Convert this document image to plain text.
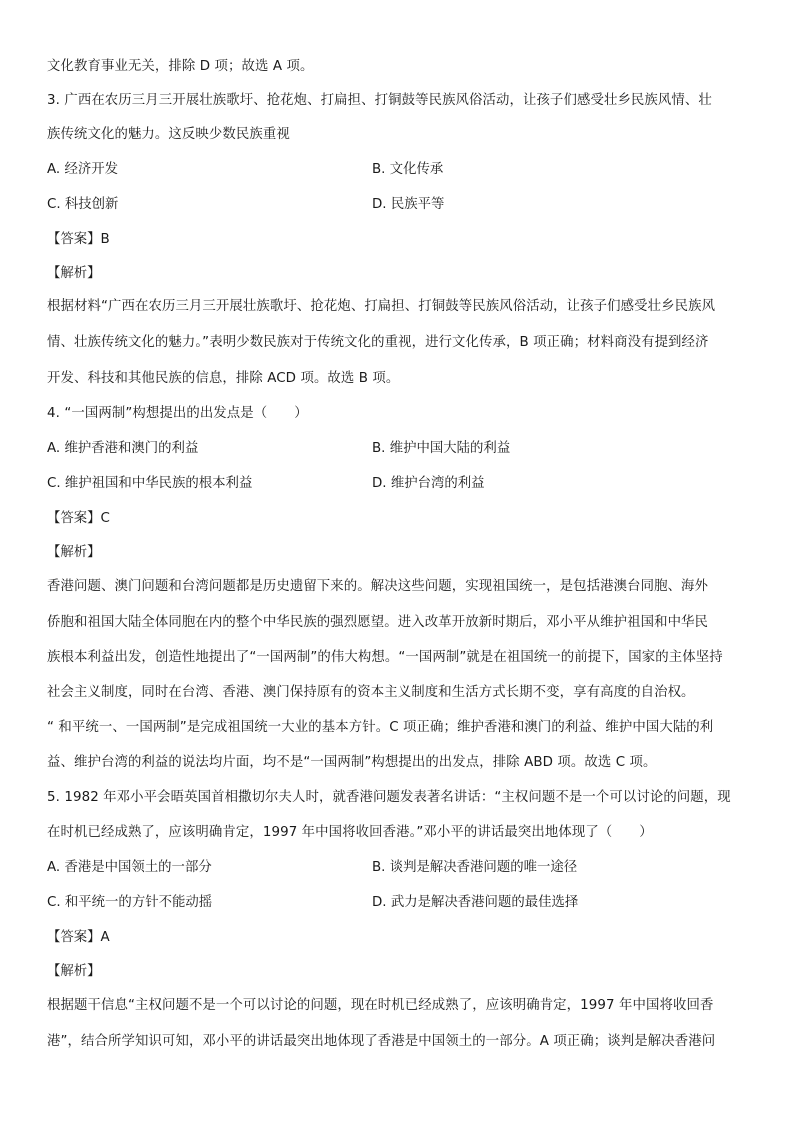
文化教育事业无关，排除 D 项；故选 A 项。
3. 广西在农历三月三开展壮族歌圩、抢花炮、打扁担、打铜鼓等民族风俗活动，让孩子们感受壮乡民族风情、壮
族传统文化的魅力。这反映少数民族重视
A. 经济开发	B. 文化传承
C. 科技创新	D. 民族平等
【答案】B
【解析】
根据材料“广西在农历三月三开展壮族歌圩、抢花炮、打扁担、打铜鼓等民族风俗活动，让孩子们感受壮乡民族风
情、壮族传统文化的魅力。”表明少数民族对于传统文化的重视，进行文化传承，B 项正确；材料商没有提到经济
开发、科技和其他民族的信息，排除 ACD 项。故选 B 项。
4. “一国两制”构想提出的出发点是（　　）
A. 维护香港和澳门的利益	B. 维护中国大陆的利益
C. 维护祖国和中华民族的根本利益	D. 维护台湾的利益
【答案】C
【解析】
香港问题、澳门问题和台湾问题都是历史遗留下来的。解决这些问题，实现祖国统一，是包括港澳台同胞、海外
侨胞和祖国大陆全体同胞在内的整个中华民族的强烈愿望。进入改革开放新时期后，邓小平从维护祖国和中华民
族根本利益出发，创造性地提出了“一国两制”的伟大构想。“一国两制”就是在祖国统一的前提下，国家的主体坚持
社会主义制度，同时在台湾、香港、澳门保持原有的资本主义制度和生活方式长期不变，享有高度的自治权。
“ 和平统一、一国两制”是完成祖国统一大业的基本方针。C 项正确；维护香港和澳门的利益、维护中国大陆的利
益、维护台湾的利益的说法均片面，均不是“一国两制”构想提出的出发点，排除 ABD 项。故选 C 项。
5. 1982 年邓小平会晤英国首相撒切尔夫人时，就香港问题发表著名讲话：“主权问题不是一个可以讨论的问题，现
在时机已经成熟了，应该明确肯定，1997 年中国将收回香港。”邓小平的讲话最突出地体现了（　　）
A. 香港是中国领土的一部分	B. 谈判是解决香港问题的唯一途径
C. 和平统一的方针不能动摇	D. 武力是解决香港问题的最佳选择
【答案】A
【解析】
根据题干信息“主权问题不是一个可以讨论的问题，现在时机已经成熟了，应该明确肯定，1997 年中国将收回香
港”，结合所学知识可知，邓小平的讲话最突出地体现了香港是中国领土的一部分。A 项正确；谈判是解决香港问
